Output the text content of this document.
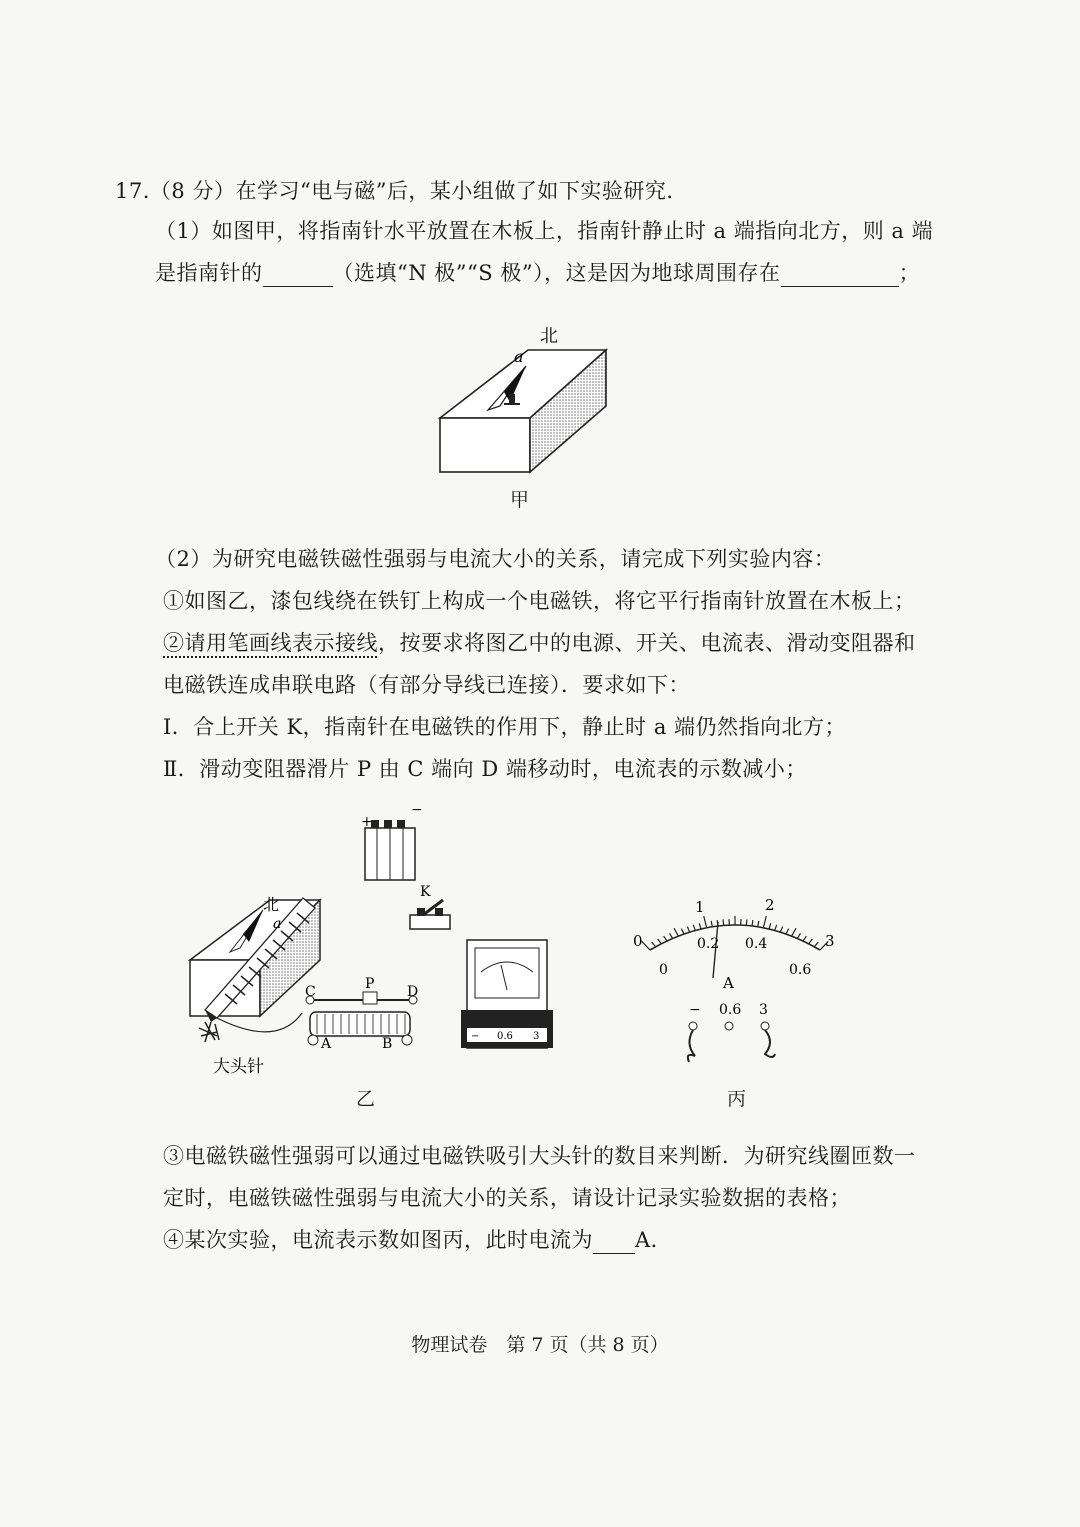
17.（8 分）在学习“电与磁”后，某小组做了如下实验研究．
（1）如图甲，将指南针水平放置在木板上，指南针静止时 a 端指向北方，则 a 端
是指南针的	（选填“N 极”“S 极”），这是因为地球周围存在	；
北
a
甲
（2）为研究电磁铁磁性强弱与电流大小的关系，请完成下列实验内容：
①如图乙，漆包线绕在铁钉上构成一个电磁铁，将它平行指南针放置在木板上；
②请用笔画线表示接线，按要求将图乙中的电源、开关、电流表、滑动变阻器和
电磁铁连成串联电路（有部分导线已连接）．要求如下：
Ⅰ．合上开关 K，指南针在电磁铁的作用下，静止时 a 端仍然指向北方；
Ⅱ．滑动变阻器滑片 P 由 C 端向 D 端移动时，电流表的示数减小；
+
−
K
北
a
大头针
C	P D
A	B	− 0.6 3
乙
0
1	2
3
0
0.2 0.4
0.6
A
− 0.6 3
丙
③电磁铁磁性强弱可以通过电磁铁吸引大头针的数目来判断．为研究线圈匝数一
定时，电磁铁磁性强弱与电流大小的关系，请设计记录实验数据的表格；
④某次实验，电流表示数如图丙，此时电流为 A．
物理试卷　第 7 页（共 8 页）
